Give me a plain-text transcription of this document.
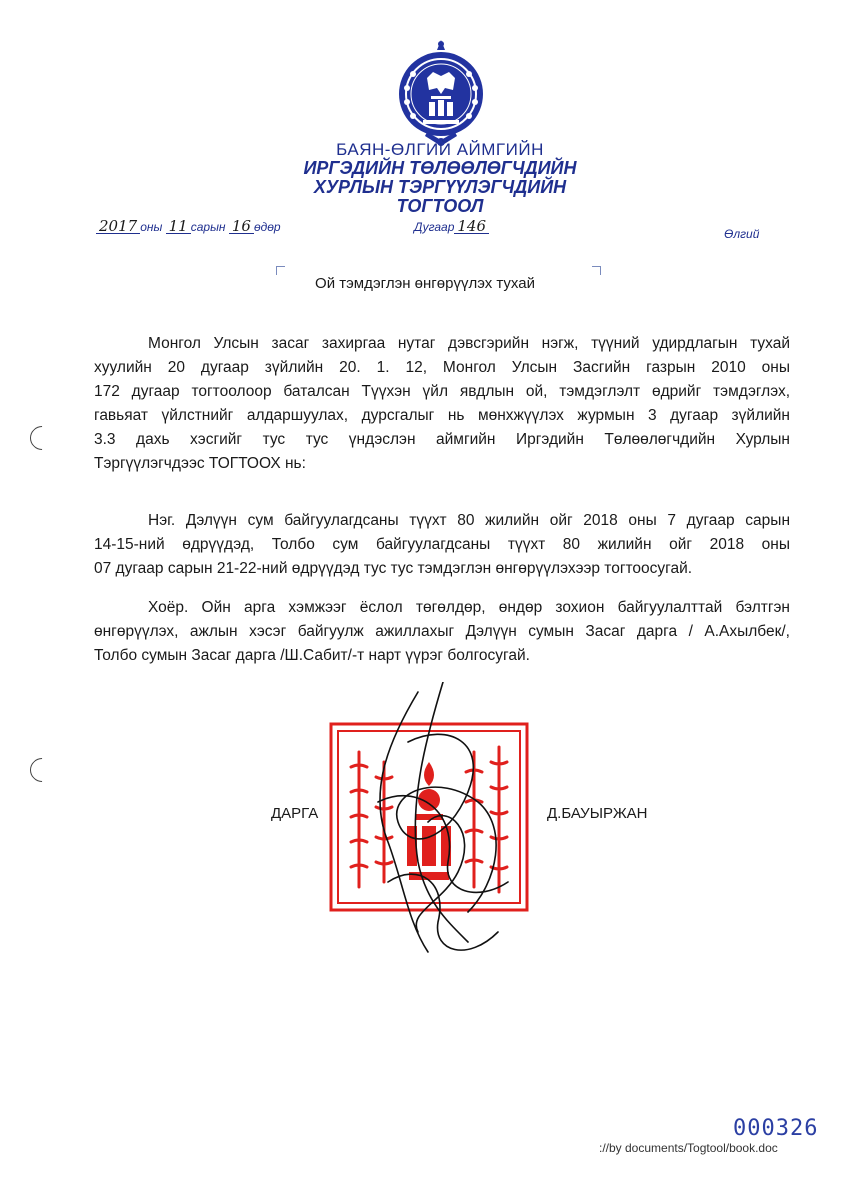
БАЯН-ӨЛГИЙ АЙМГИЙН
ИРГЭДИЙН ТӨЛӨӨЛӨГЧДИЙН
ХУРЛЫН ТЭРГҮҮЛЭГЧДИЙН
ТОГТООЛ
2017 оны 11 сарын 16 өдөр	Дугаар 146	Өлгий
Ой тэмдэглэн өнгөрүүлэх тухай
Монгол Улсын засаг захиргаа нутаг дэвсгэрийн нэгж, түүний удирдлагын тухай
хуулийн 20 дугаар зүйлийн 20. 1. 12, Монгол Улсын Засгийн газрын 2010 оны
172 дугаар тогтоолоор баталсан Түүхэн үйл явдлын ой, тэмдэглэлт өдрийг тэмдэглэх,
гавьяат үйлстнийг алдаршуулах, дурсгалыг нь мөнхжүүлэх журмын 3 дугаар зүйлийн
3.3 дахь хэсгийг тус тус үндэслэн аймгийн Иргэдийн Төлөөлөгчдийн Хурлын
Тэргүүлэгчдээс ТОГТООХ нь:
Нэг. Дэлүүн сум байгуулагдсаны түүхт 80 жилийн ойг 2018 оны 7 дугаар сарын
14-15-ний өдрүүдэд, Толбо сум байгуулагдсаны түүхт 80 жилийн ойг 2018 оны
07 дугаар сарын 21-22-ний өдрүүдэд тус тус тэмдэглэн өнгөрүүлэхээр тогтоосугай.
Хоёр. Ойн арга хэмжээг ёслол төгөлдөр, өндөр зохион байгуулалттай бэлтгэн
өнгөрүүлэх, ажлын хэсэг байгуулж ажиллахыг Дэлүүн сумын Засаг дарга / А.Ахылбек/,
Толбо сумын Засаг дарга /Ш.Сабит/-т нарт үүрэг болгосугай.
ДАРГА	Д.БАУЫРЖАН
000326
://by documents/Togtool/book.doc
